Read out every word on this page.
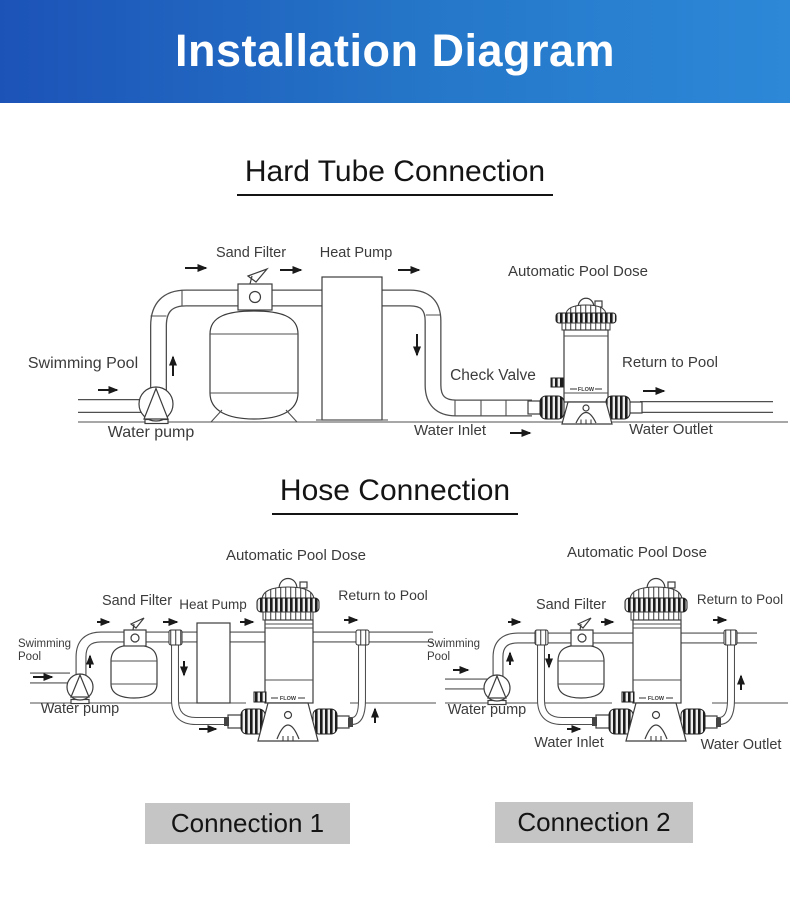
Installation Diagram
Hard Tube Connection
Hose Connection
FLOW
Sand Filter Heat Pump
Automatic Pool Dose
Swimming Pool
Check Valve
Return to Pool
Water pump	Water Inlet	Water Outlet
FLOW
Automatic Pool Dose
Sand Filter Heat Pump
Return to Pool
Swimming
Pool
Water pump
FLOW
Automatic Pool Dose
Sand Filter	Return to Pool
Swimming
Pool
Water pump
Water Inlet	Water Outlet
Connection 1	Connection 2
